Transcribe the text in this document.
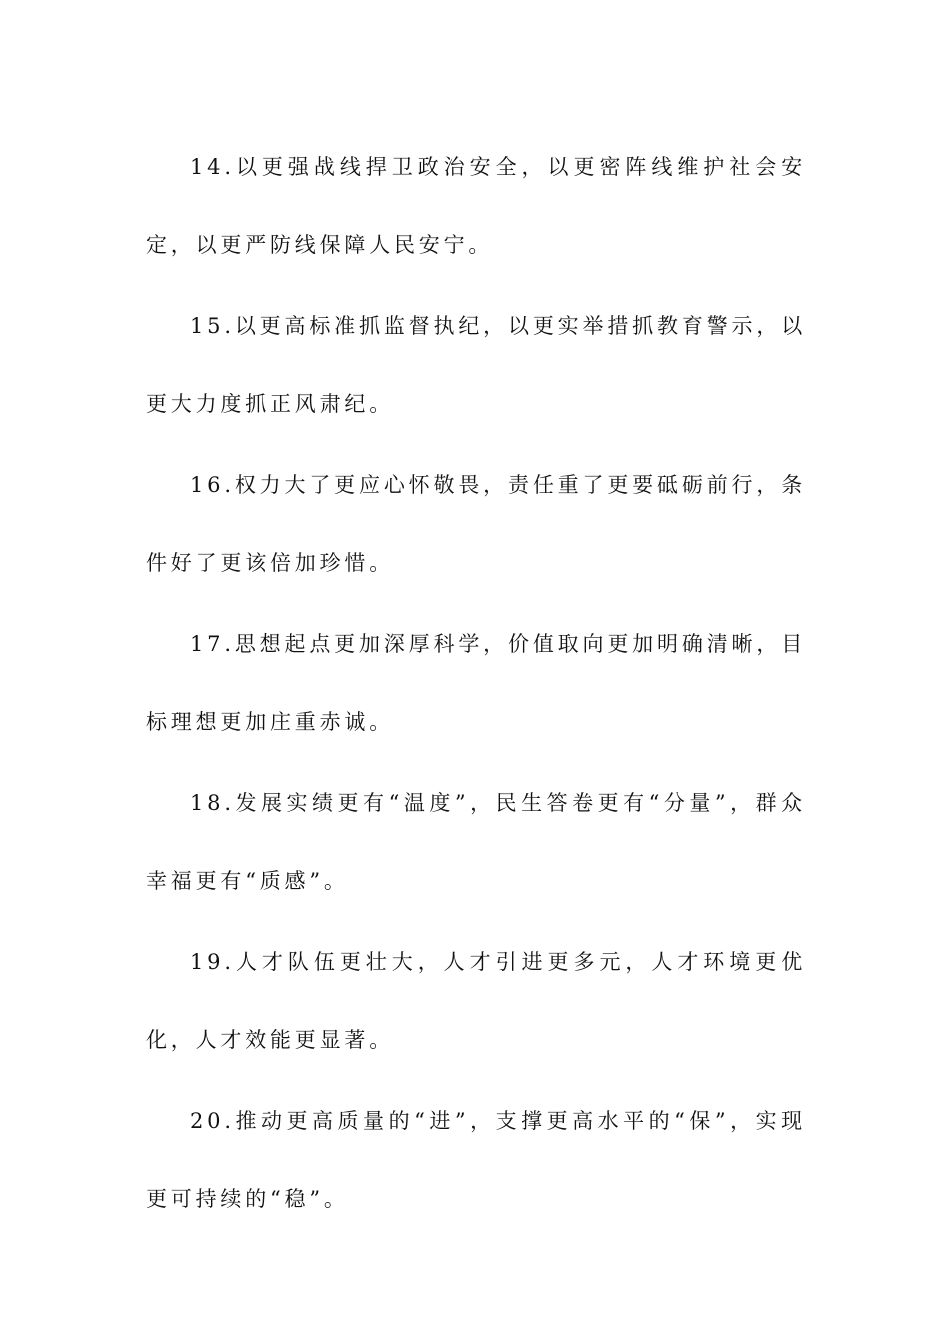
14.以更强战线捍卫政治安全，以更密阵线维护社会安定，以更严防线保障人民安宁。

15.以更高标准抓监督执纪，以更实举措抓教育警示，以更大力度抓正风肃纪。

16.权力大了更应心怀敬畏，责任重了更要砥砺前行，条件好了更该倍加珍惜。

17.思想起点更加深厚科学，价值取向更加明确清晰，目标理想更加庄重赤诚。

18.发展实绩更有“温度”，民生答卷更有“分量”，群众幸福更有“质感”。

19.人才队伍更壮大，人才引进更多元，人才环境更优化，人才效能更显著。

20.推动更高质量的“进”，支撑更高水平的“保”，实现更可持续的“稳”。
